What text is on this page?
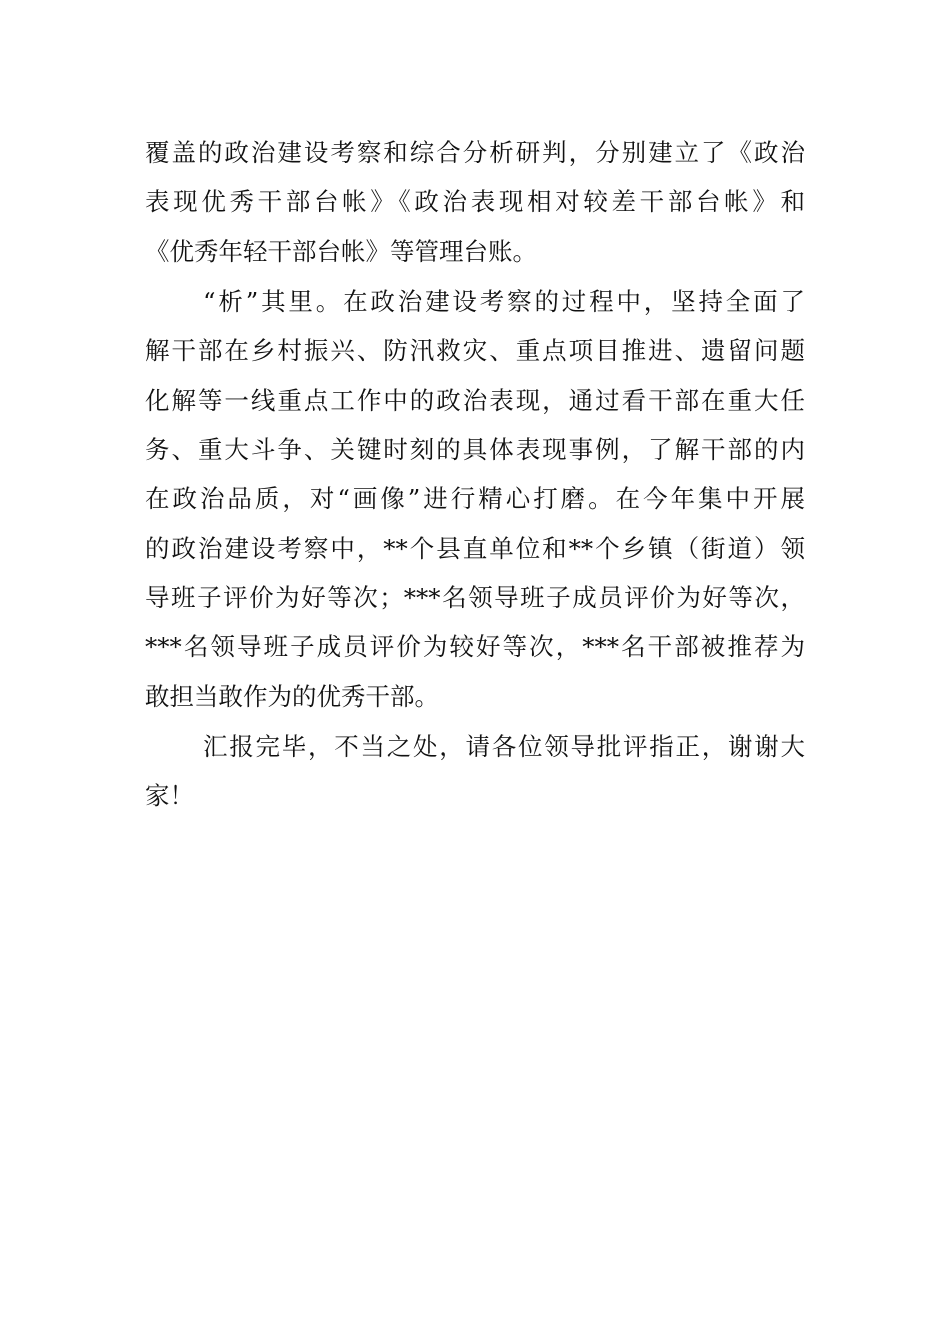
覆盖的政治建设考察和综合分析研判，分别建立了《政治
表现优秀干部台帐》《政治表现相对较差干部台帐》和
《优秀年轻干部台帐》等管理台账。
“析”其里。在政治建设考察的过程中，坚持全面了
解干部在乡村振兴、防汛救灾、重点项目推进、遗留问题
化解等一线重点工作中的政治表现，通过看干部在重大任
务、重大斗争、关键时刻的具体表现事例，了解干部的内
在政治品质，对“画像”进行精心打磨。在今年集中开展
的政治建设考察中，**个县直单位和**个乡镇（街道）领
导班子评价为好等次；***名领导班子成员评价为好等次，
***名领导班子成员评价为较好等次，***名干部被推荐为
敢担当敢作为的优秀干部。
汇报完毕，不当之处，请各位领导批评指正，谢谢大
家！
